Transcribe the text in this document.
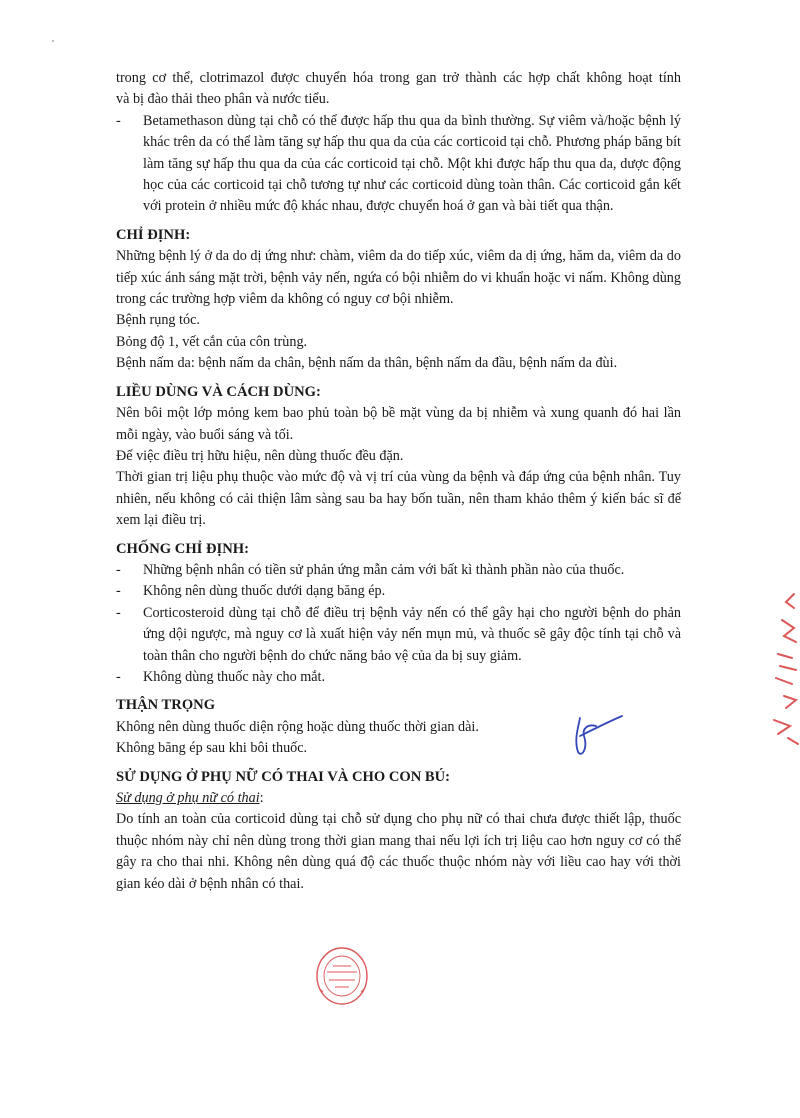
trong cơ thể, clotrimazol được chuyển hóa trong gan trở thành các hợp chất không hoạt tính

và bị đào thải theo phân và nước tiểu.

- Betamethason dùng tại chỗ có thể được hấp thu qua da bình thường. Sự viêm và/hoặc bệnh lý khác trên da có thể làm tăng sự hấp thu qua da của các corticoid tại chỗ. Phương pháp băng bít làm tăng sự hấp thu qua da của các corticoid tại chỗ. Một khi được hấp thu qua da, dược động học của các corticoid tại chỗ tương tự như các corticoid dùng toàn thân. Các corticoid gắn kết với protein ở nhiều mức độ khác nhau, được chuyển hoá ở gan và bài tiết qua thận.

CHỈ ĐỊNH:

Những bệnh lý ở da do dị ứng như: chàm, viêm da do tiếp xúc, viêm da dị ứng, hăm da, viêm da do tiếp xúc ánh sáng mặt trời, bệnh vảy nến, ngứa có bội nhiễm do vi khuẩn hoặc vi nấm. Không dùng trong các trường hợp viêm da không có nguy cơ bội nhiễm.

Bệnh rụng tóc.

Bỏng độ 1, vết cắn của côn trùng.

Bệnh nấm da: bệnh nấm da chân, bệnh nấm da thân, bệnh nấm da đầu, bệnh nấm da đùi.

LIỀU DÙNG VÀ CÁCH DÙNG:

Nên bôi một lớp mỏng kem bao phủ toàn bộ bề mặt vùng da bị nhiễm và xung quanh đó hai lần mỗi ngày, vào buổi sáng và tối.

Để việc điều trị hữu hiệu, nên dùng thuốc đều đặn.

Thời gian trị liệu phụ thuộc vào mức độ và vị trí của vùng da bệnh và đáp ứng của bệnh nhân. Tuy nhiên, nếu không có cải thiện lâm sàng sau ba hay bốn tuần, nên tham khảo thêm ý kiến bác sĩ để xem lại điều trị.

CHỐNG CHỈ ĐỊNH:

- Những bệnh nhân có tiền sử phản ứng mẫn cảm với bất kì thành phần nào của thuốc.

- Không nên dùng thuốc dưới dạng băng ép.

- Corticosteroid dùng tại chỗ để điều trị bệnh vảy nến có thể gây hại cho người bệnh do phản ứng dội ngược, mà nguy cơ là xuất hiện vảy nến mụn mủ, và thuốc sẽ gây độc tính tại chỗ và toàn thân cho người bệnh do chức năng bảo vệ của da bị suy giảm.

- Không dùng thuốc này cho mắt.

THẬN TRỌNG

Không nên dùng thuốc diện rộng hoặc dùng thuốc thời gian dài.

Không băng ép sau khi bôi thuốc.

SỬ DỤNG Ở PHỤ NỮ CÓ THAI VÀ CHO CON BÚ:

Sử dụng ở phụ nữ có thai:

Do tính an toàn của corticoid dùng tại chỗ sử dụng cho phụ nữ có thai chưa được thiết lập, thuốc thuộc nhóm này chỉ nên dùng trong thời gian mang thai nếu lợi ích trị liệu cao hơn nguy cơ có thể gây ra cho thai nhi. Không nên dùng quá độ các thuốc thuộc nhóm này với liều cao hay với thời gian kéo dài ở bệnh nhân có thai.
